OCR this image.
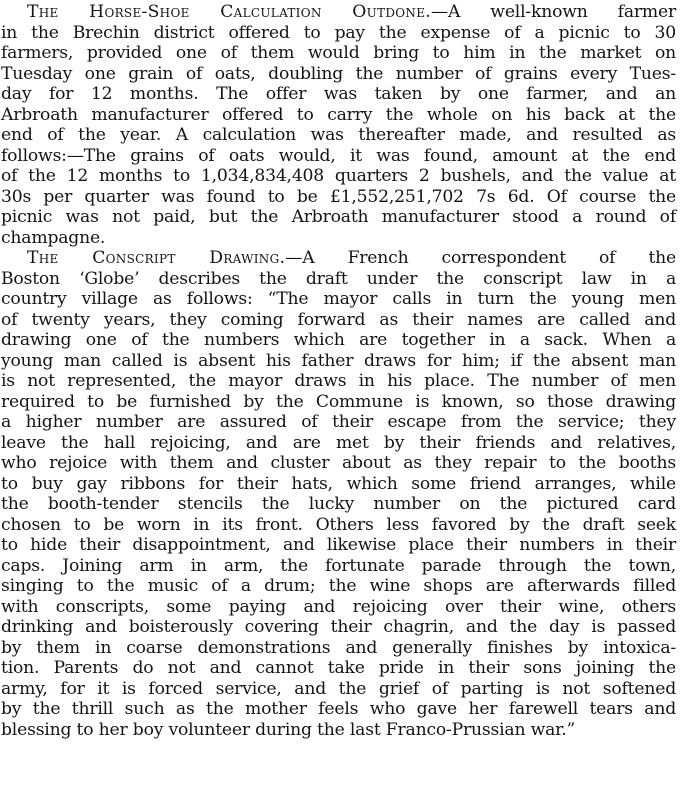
The Horse-Shoe Calculation Outdone.—A well-known farmer
in the Brechin district offered to pay the expense of a picnic to 30
farmers, provided one of them would bring to him in the market on
Tuesday one grain of oats, doubling the number of grains every Tues-
day for 12 months. The offer was taken by one farmer, and an
Arbroath manufacturer offered to carry the whole on his back at the
end of the year. A calculation was thereafter made, and resulted as
follows:—The grains of oats would, it was found, amount at the end
of the 12 months to 1,034,834,408 quarters 2 bushels, and the value at
30s per quarter was found to be £1,552,251,702 7s 6d. Of course the
picnic was not paid, but the Arbroath manufacturer stood a round of
champagne.
The Conscript Drawing.—A French correspondent of the
Boston ‘Globe’ describes the draft under the conscript law in a
country village as follows: “The mayor calls in turn the young men
of twenty years, they coming forward as their names are called and
drawing one of the numbers which are together in a sack. When a
young man called is absent his father draws for him; if the absent man
is not represented, the mayor draws in his place. The number of men
required to be furnished by the Commune is known, so those drawing
a higher number are assured of their escape from the service; they
leave the hall rejoicing, and are met by their friends and relatives,
who rejoice with them and cluster about as they repair to the booths
to buy gay ribbons for their hats, which some friend arranges, while
the booth-tender stencils the lucky number on the pictured card
chosen to be worn in its front. Others less favored by the draft seek
to hide their disappointment, and likewise place their numbers in their
caps. Joining arm in arm, the fortunate parade through the town,
singing to the music of a drum; the wine shops are afterwards filled
with conscripts, some paying and rejoicing over their wine, others
drinking and boisterously covering their chagrin, and the day is passed
by them in coarse demonstrations and generally finishes by intoxica-
tion. Parents do not and cannot take pride in their sons joining the
army, for it is forced service, and the grief of parting is not softened
by the thrill such as the mother feels who gave her farewell tears and
blessing to her boy volunteer during the last Franco-Prussian war.”
